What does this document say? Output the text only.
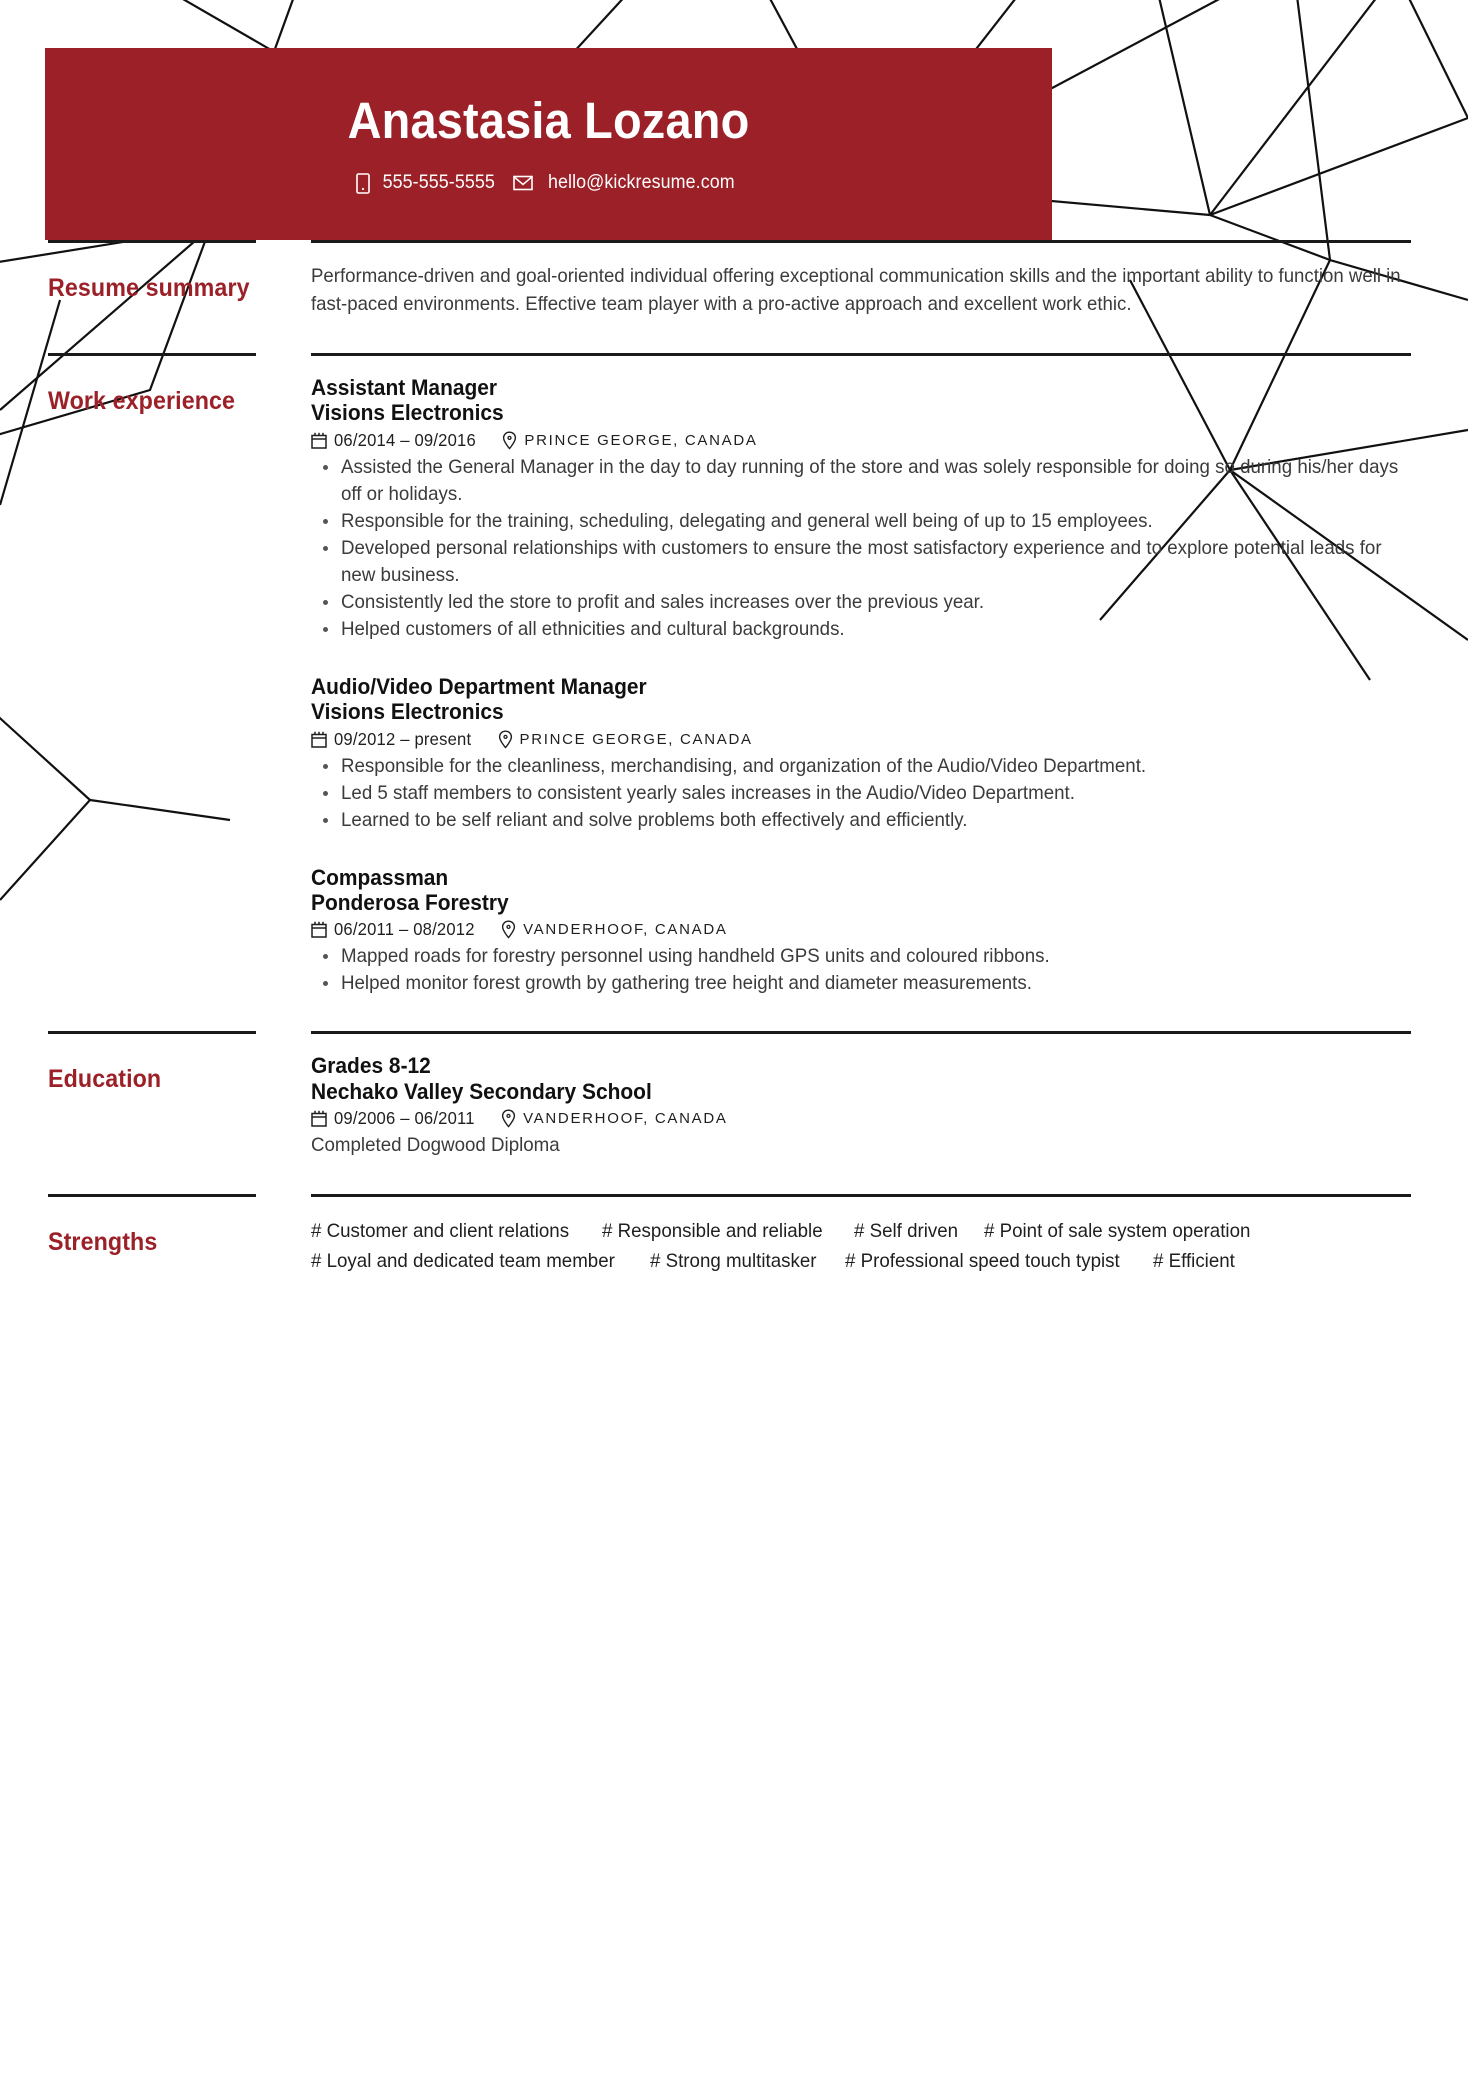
Anastasia Lozano
555-555-5555	hello@kickresume.com
Resume summary	Performance-driven and goal-oriented individual offering exceptional communication skills and the important ability to function well in fast-paced environments. Effective team player with a pro-active approach and excellent work ethic.
Work experience	Assistant Manager
Visions Electronics
06/2014 – 09/2016	PRINCE GEORGE, CANADA
Assisted the General Manager in the day to day running of the store and was solely responsible for doing so during his/her days off or holidays.
Responsible for the training, scheduling, delegating and general well being of up to 15 employees.
Developed personal relationships with customers to ensure the most satisfactory experience and to explore potential leads for new business.
Consistently led the store to profit and sales increases over the previous year.
Helped customers of all ethnicities and cultural backgrounds.
Audio/Video Department Manager
Visions Electronics
09/2012 – present	PRINCE GEORGE, CANADA
Responsible for the cleanliness, merchandising, and organization of the Audio/Video Department.
Led 5 staff members to consistent yearly sales increases in the Audio/Video Department.
Learned to be self reliant and solve problems both effectively and efficiently.
Compassman
Ponderosa Forestry
06/2011 – 08/2012	VANDERHOOF, CANADA
Mapped roads for forestry personnel using handheld GPS units and coloured ribbons.
Helped monitor forest growth by gathering tree height and diameter measurements.
Education	Grades 8-12
Nechako Valley Secondary School
09/2006 – 06/2011	VANDERHOOF, CANADA
Completed Dogwood Diploma
Strengths	# Customer and client relations # Responsible and reliable # Self driven # Point of sale system operation
# Loyal and dedicated team member # Strong multitasker # Professional speed touch typist # Efficient
